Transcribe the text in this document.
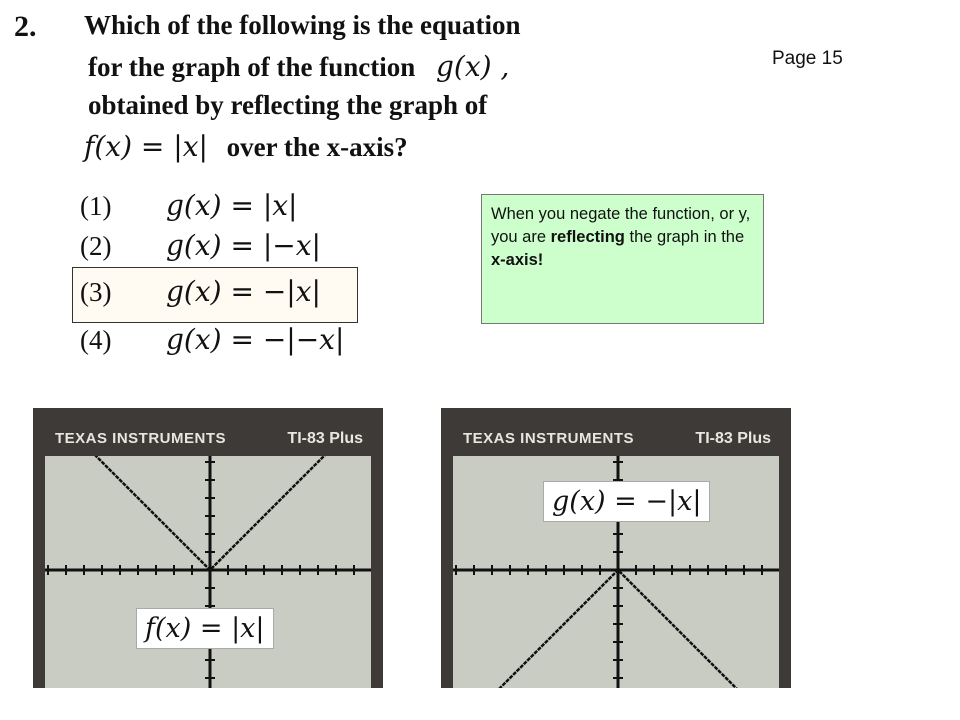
2. Which of the following is the equation
for the graph of the function g(x) ,
obtained by reflecting the graph of
f(x) = |x| over the x-axis?
Page 15
(1) g(x) = |x|
(2) g(x) = |−x|
(3) g(x) = −|x|
(4) g(x) = −|−x|
When you negate the function, or y, you are reflecting the graph in the x-axis!
TEXAS INSTRUMENTS	TI-83 Plus
f(x) = |x|
TEXAS INSTRUMENTS	TI-83 Plus
g(x) = −|x|
